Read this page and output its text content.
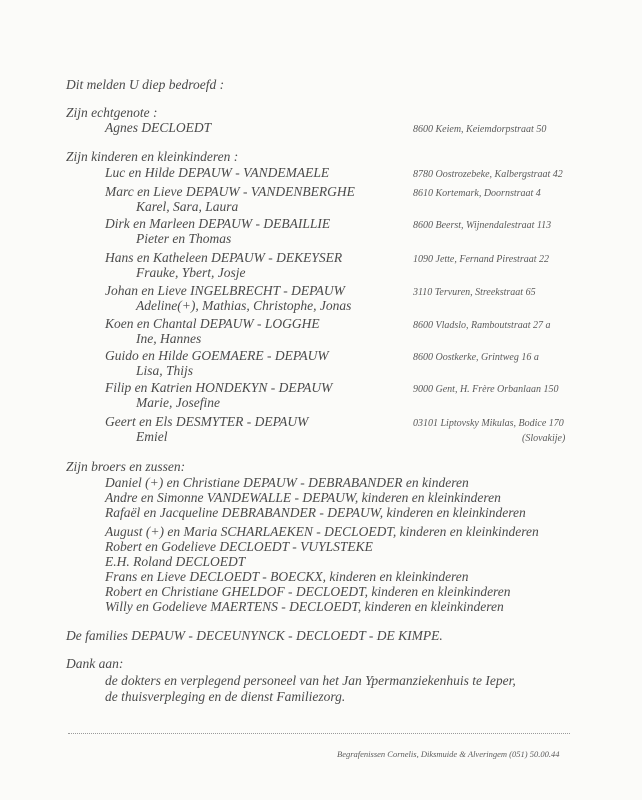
Dit melden U diep bedroefd :
Zijn echtgenote :
Agnes DECLOEDT	8600 Keiem, Keiemdorpstraat 50
Zijn kinderen en kleinkinderen :
Luc en Hilde DEPAUW - VANDEMAELE	8780 Oostrozebeke, Kalbergstraat 42
Marc en Lieve DEPAUW - VANDENBERGHE
Karel, Sara, Laura
8610 Kortemark, Doornstraat 4
Dirk en Marleen DEPAUW - DEBAILLIE
Pieter en Thomas
8600 Beerst, Wijnendalestraat 113
Hans en Katheleen DEPAUW - DEKEYSER
Frauke, Ybert, Josje
1090 Jette, Fernand Pirestraat 22
Johan en Lieve INGELBRECHT - DEPAUW
Adeline(+), Mathias, Christophe, Jonas
3110 Tervuren, Streekstraat 65
Koen en Chantal DEPAUW - LOGGHE
Ine, Hannes
8600 Vladslo, Ramboutstraat 27 a
Guido en Hilde GOEMAERE - DEPAUW
Lisa, Thijs
8600 Oostkerke, Grintweg 16 a
Filip en Katrien HONDEKYN - DEPAUW
Marie, Josefine
9000 Gent, H. Frère Orbanlaan 150
Geert en Els DESMYTER - DEPAUW
Emiel
03101 Liptovsky Mikulas, Bodice 170
(Slovakije)
Zijn broers en zussen:
Daniel (+) en Christiane DEPAUW - DEBRABANDER en kinderen
Andre en Simonne VANDEWALLE - DEPAUW, kinderen en kleinkinderen
Rafaël en Jacqueline DEBRABANDER - DEPAUW, kinderen en kleinkinderen
August (+) en Maria SCHARLAEKEN - DECLOEDT, kinderen en kleinkinderen
Robert en Godelieve DECLOEDT - VUYLSTEKE
E.H. Roland DECLOEDT
Frans en Lieve DECLOEDT - BOECKX, kinderen en kleinkinderen
Robert en Christiane GHELDOF - DECLOEDT, kinderen en kleinkinderen
Willy en Godelieve MAERTENS - DECLOEDT, kinderen en kleinkinderen
De families DEPAUW - DECEUNYNCK - DECLOEDT - DE KIMPE.
Dank aan:
de dokters en verplegend personeel van het Jan Ypermanziekenhuis te Ieper,
de thuisverpleging en de dienst Familiezorg.
Begrafenissen Cornelis, Diksmuide & Alveringem (051) 50.00.44
